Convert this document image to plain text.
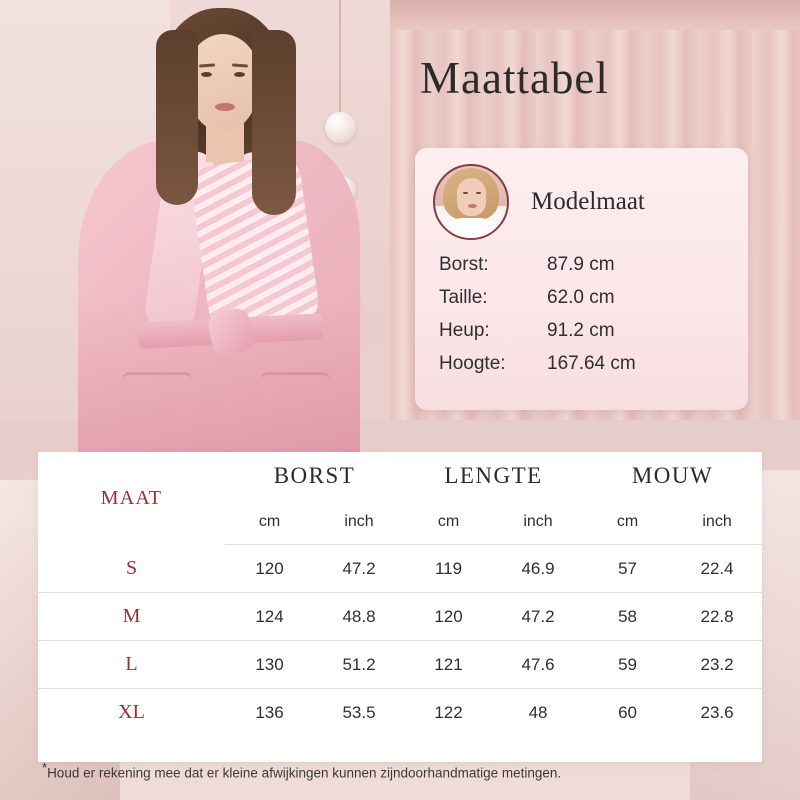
Maattabel
Modelmaat
Borst:	87.9 cm
Taille:	62.0 cm
Heup:	91.2 cm
Hoogte:	167.64 cm
MAAT	BORST		LENGTE		MOUW	
	cm	inch	cm	inch	cm	inch
S	120	47.2	119	46.9	57	22.4
M	124	48.8	120	47.2	58	22.8
L	130	51.2	121	47.6	59	23.2
XL	136	53.5	122	48	60	23.6
*Houd er rekening mee dat er kleine afwijkingen kunnen zijndoorhandmatige metingen.
